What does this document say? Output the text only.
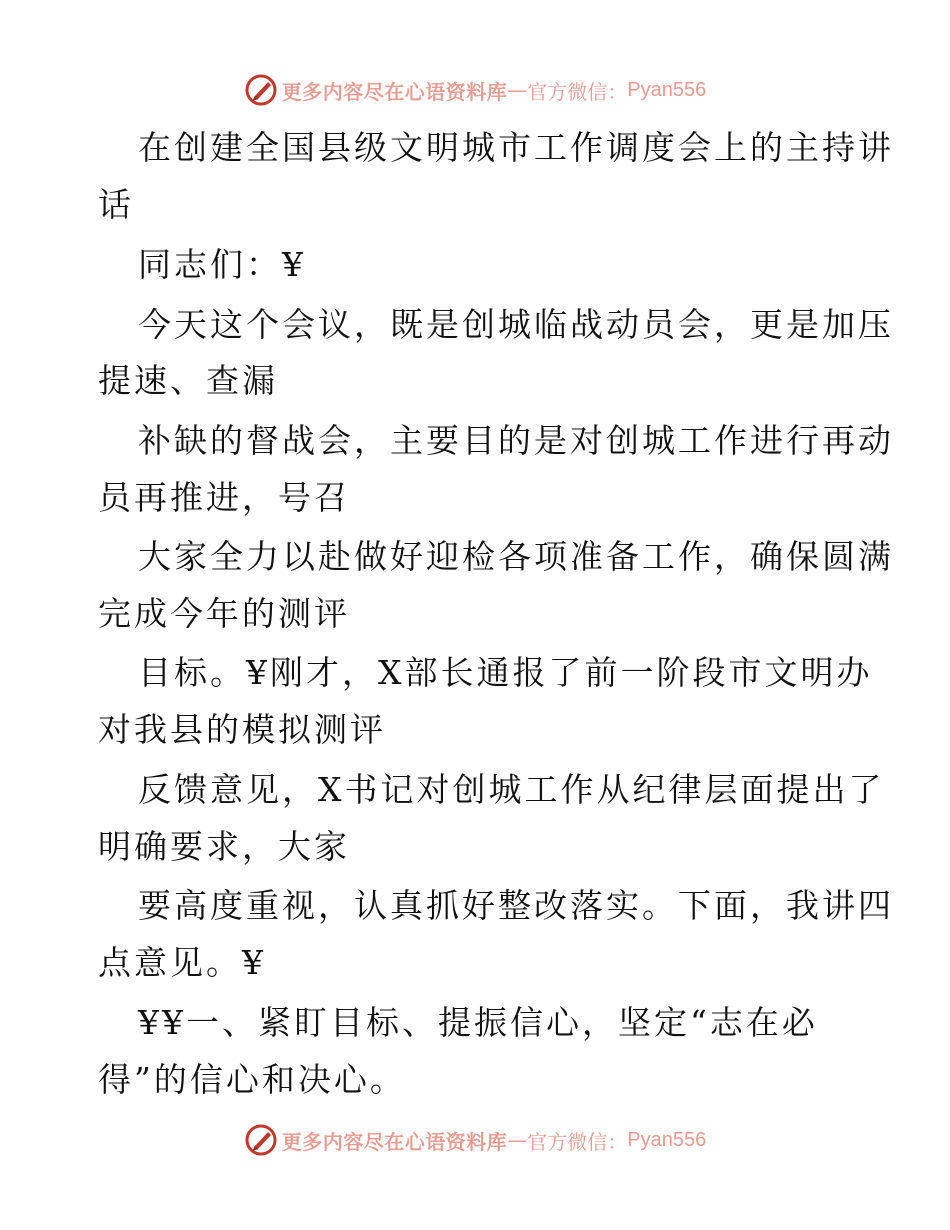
更多内容尽在心语资料库 — 官方微信： Pyan556
在创建全国县级文明城市工作调度会上的主持讲
话
同志们：¥
今天这个会议，既是创城临战动员会，更是加压
提速、查漏
补缺的督战会，主要目的是对创城工作进行再动
员再推进，号召
大家全力以赴做好迎检各项准备工作，确保圆满
完成今年的测评
目标。¥刚才，X部长通报了前一阶段市文明办
对我县的模拟测评
反馈意见，X书记对创城工作从纪律层面提出了
明确要求，大家
要高度重视，认真抓好整改落实。下面，我讲四
点意见。¥
¥¥一、紧盯目标、提振信心，坚定“志在必
得”的信心和决心。
更多内容尽在心语资料库 — 官方微信： Pyan556
